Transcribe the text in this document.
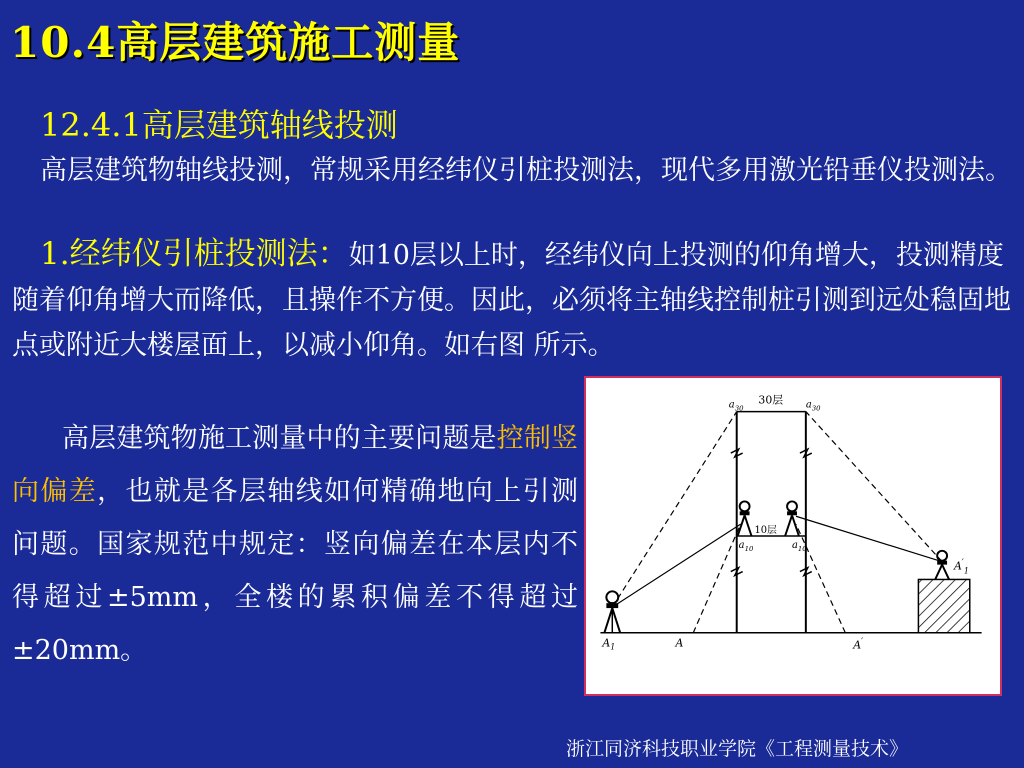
10.4高层建筑施工测量
12.4.1高层建筑轴线投测
高层建筑物轴线投测，常规采用经纬仪引桩投测法，现代多用激光铅垂仪投测法。
1.经纬仪引桩投测法：如10层以上时，经纬仪向上投测的仰角增大，投测精度随着仰角增大而降低，且操作不方便。因此，必须将主轴线控制桩引测到远处稳固地点或附近大楼屋面上，以减小仰角。如右图 所示。
高层建筑物施工测量中的主要问题是控制竖向偏差，也就是各层轴线如何精确地向上引测问题。国家规范中规定：竖向偏差在本层内不得超过±5mm，全楼的累积偏差不得超过±20mm。
30层
10层
$a_{30}$	$a_{30}$
$a_{10}$	$a_{10}$
$A_1$	A	A′
$A'_1$
浙江同济科技职业学院《工程测量技术》
